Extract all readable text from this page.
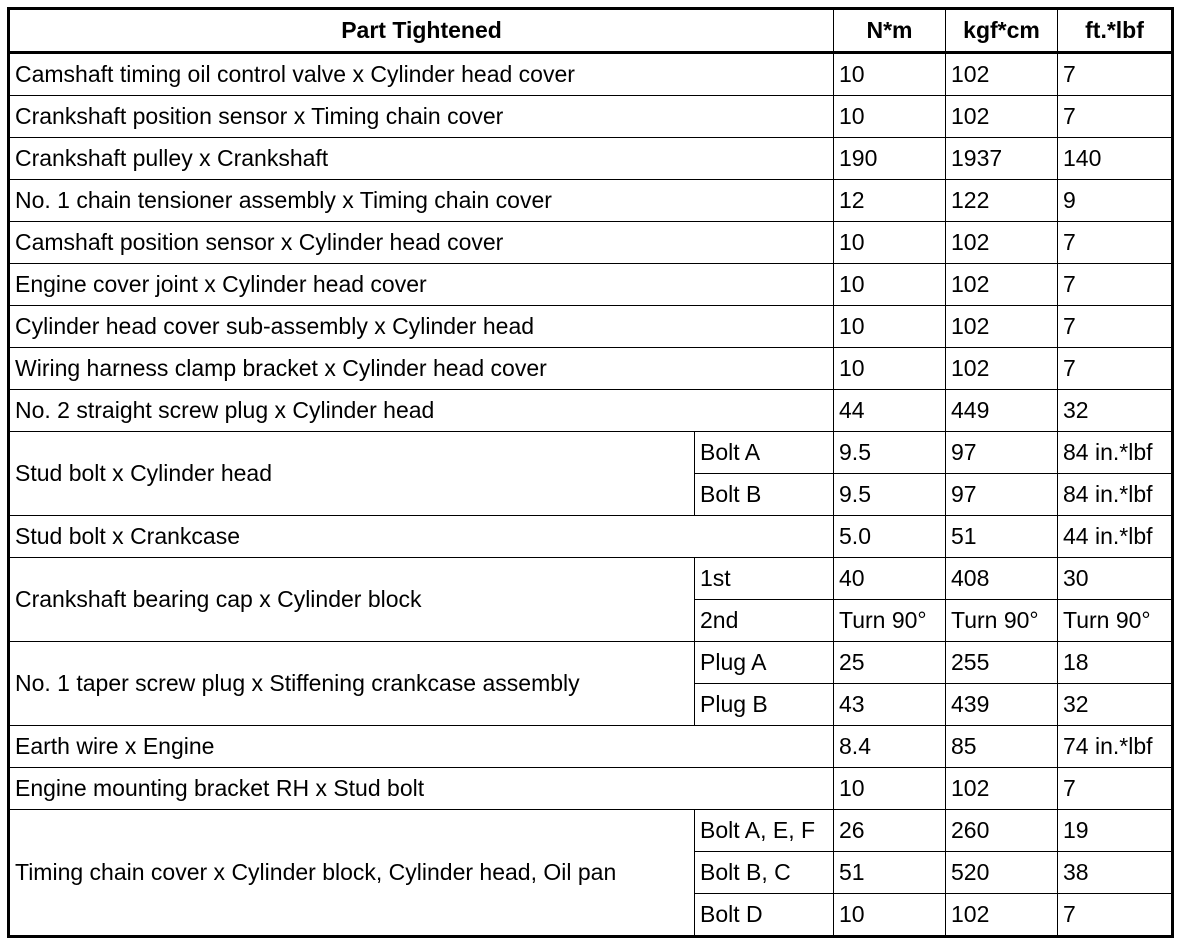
Part Tightened		N*m	kgf*cm	ft.*lbf
Camshaft timing oil control valve x Cylinder head cover		10	102	7
Crankshaft position sensor x Timing chain cover		10	102	7
Crankshaft pulley x Crankshaft		190	1937	140
No. 1 chain tensioner assembly x Timing chain cover		12	122	9
Camshaft position sensor x Cylinder head cover		10	102	7
Engine cover joint x Cylinder head cover		10	102	7
Cylinder head cover sub-assembly x Cylinder head		10	102	7
Wiring harness clamp bracket x Cylinder head cover		10	102	7
No. 2 straight screw plug x Cylinder head		44	449	32
Stud bolt x Cylinder head	Bolt A	9.5	97	84 in.*lbf
	Bolt B	9.5	97	84 in.*lbf
Stud bolt x Crankcase		5.0	51	44 in.*lbf
Crankshaft bearing cap x Cylinder block	1st	40	408	30
	2nd	Turn 90°	Turn 90°	Turn 90°
No. 1 taper screw plug x Stiffening crankcase assembly	Plug A	25	255	18
	Plug B	43	439	32
Earth wire x Engine		8.4	85	74 in.*lbf
Engine mounting bracket RH x Stud bolt		10	102	7
Timing chain cover x Cylinder block, Cylinder head, Oil pan	Bolt A, E, F	26	260	19
	Bolt B, C	51	520	38
	Bolt D	10	102	7
